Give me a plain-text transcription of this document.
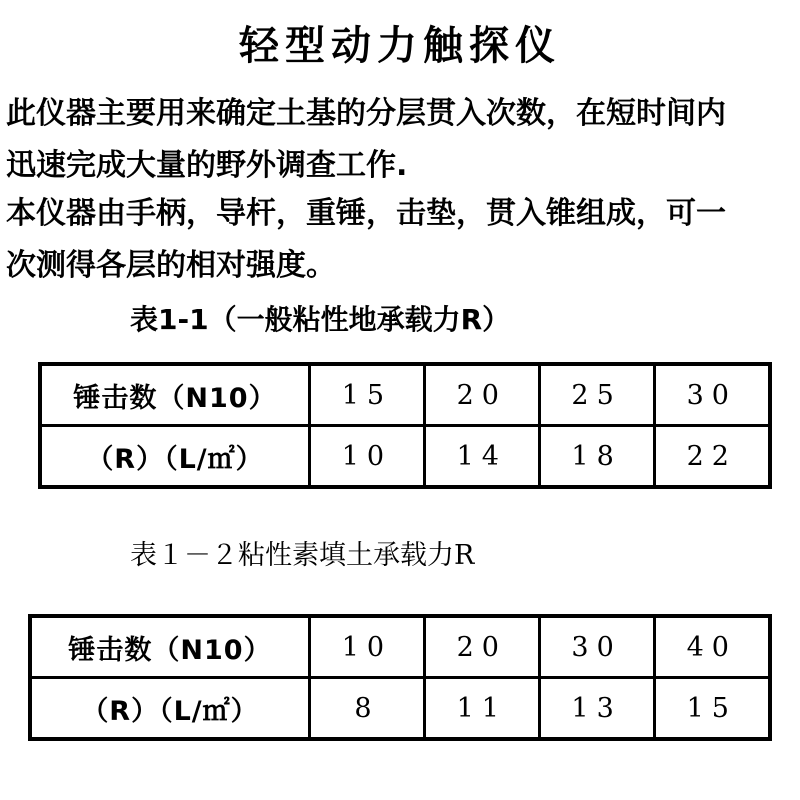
轻型动力触探仪
此仪器主要用来确定土基的分层贯入次数，在短时间内
迅速完成大量的野外调查工作.
本仪器由手柄，导杆，重锤，击垫，贯入锥组成，可一
次测得各层的相对强度。
表1-1（一般粘性地承载力R）
锤击数（N10）	15	20	25	30
（R）（L/㎡）	10	14	18	22
表１－２粘性素填土承载力R
锤击数（N10）	10	20	30	40
（R）（L/㎡）	8	11	13	15
